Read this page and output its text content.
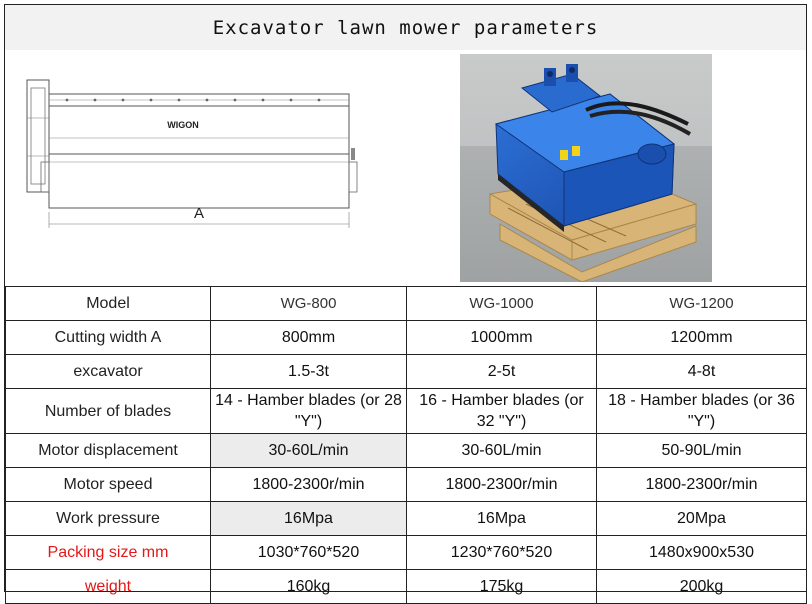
Excavator lawn mower parameters
WIGON
A
Model	WG-800	WG-1000	WG-1200
Cutting width A	800mm	1000mm	1200mm
excavator	1.5-3t	2-5t	4-8t
Number of blades	14 - Hamber blades (or 28 "Y")	16 - Hamber blades (or 32 "Y")	18 - Hamber blades (or 36 "Y")
Motor displacement	30-60L/min	30-60L/min	50-90L/min
Motor speed	1800-2300r/min	1800-2300r/min	1800-2300r/min
Work pressure	16Mpa	16Mpa	20Mpa
Packing size mm	1030*760*520	1230*760*520	1480x900x530
weight	160kg	175kg	200kg
